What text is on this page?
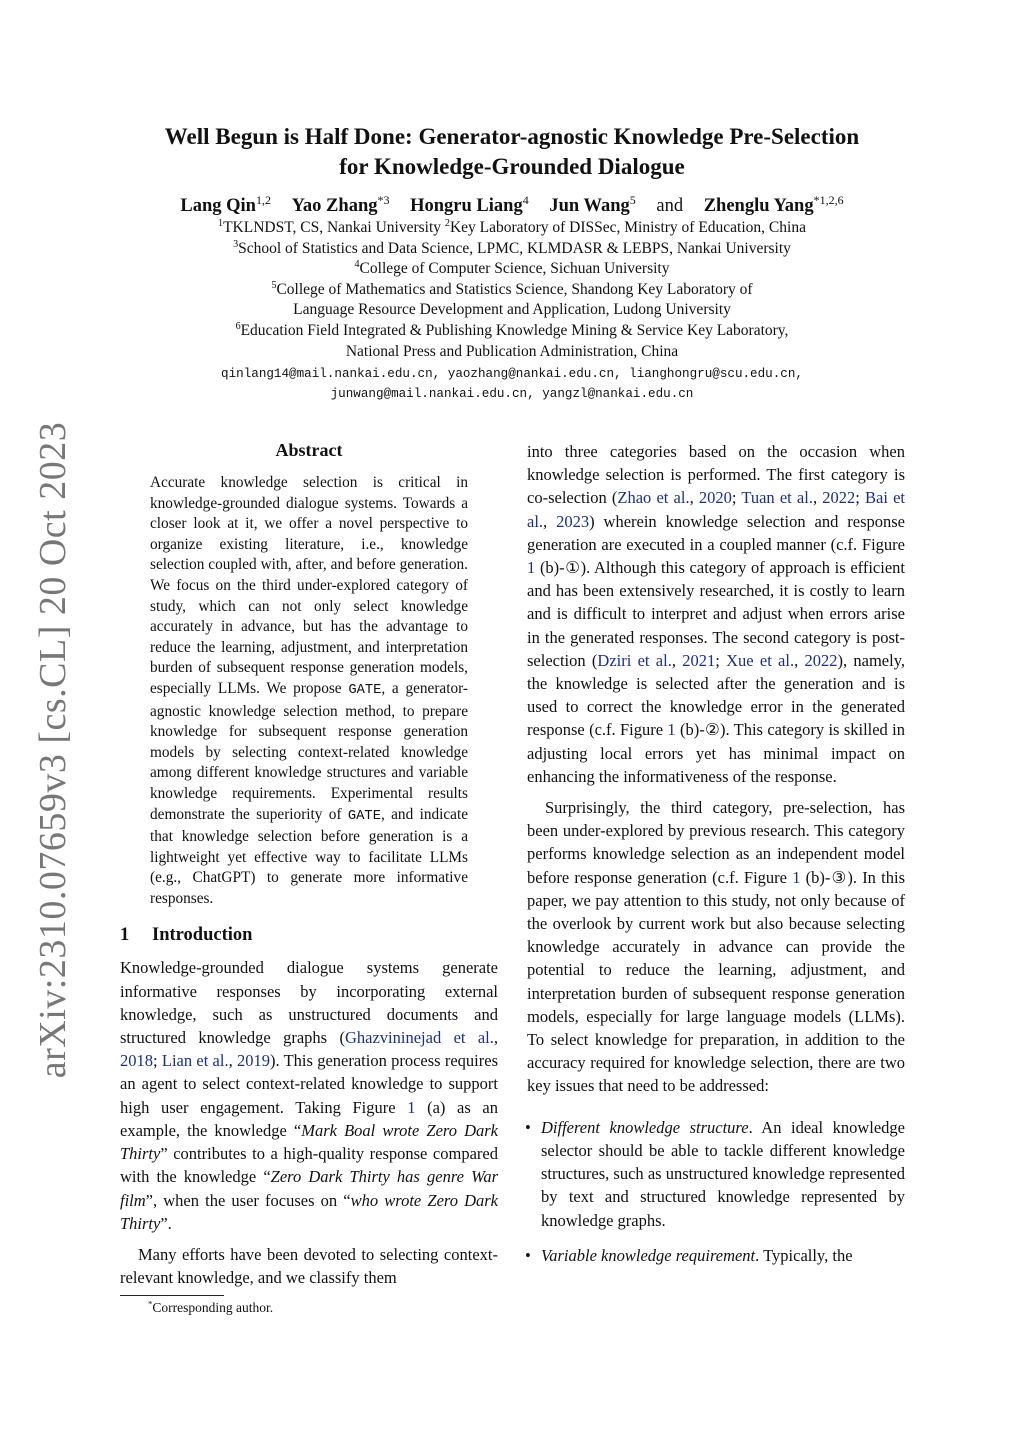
arXiv:2310.07659v3 [cs.CL] 20 Oct 2023
Well Begun is Half Done: Generator-agnostic Knowledge Pre-Selection
for Knowledge-Grounded Dialogue
Lang Qin$^{1,2}$ Yao Zhang$^{*3}$ Hongru Liang$^4$ Jun Wang$^5$ and Zhenglu Yang$^{*1,2,6}$
$^1$TKLNDST, CS, Nankai University $^2$Key Laboratory of DISSec, Ministry of Education, China
$^3$School of Statistics and Data Science, LPMC, KLMDASR & LEBPS, Nankai University
$^4$College of Computer Science, Sichuan University
$^5$College of Mathematics and Statistics Science, Shandong Key Laboratory of
Language Resource Development and Application, Ludong University
$^6$Education Field Integrated & Publishing Knowledge Mining & Service Key Laboratory,
National Press and Publication Administration, China
qinlang14@mail.nankai.edu.cn, yaozhang@nankai.edu.cn, lianghongru@scu.edu.cn,
junwang@mail.nankai.edu.cn, yangzl@nankai.edu.cn
Abstract

Accurate knowledge selection is critical in knowledge-grounded dialogue systems. Towards a closer look at it, we offer a novel perspective to organize existing literature, i.e., knowledge selection coupled with, after, and before generation. We focus on the third under-explored category of study, which can not only select knowledge accurately in advance, but has the advantage to reduce the learning, adjustment, and interpretation burden of subsequent response generation models, especially LLMs. We propose GATE, a generator-agnostic knowledge selection method, to prepare knowledge for subsequent response generation models by selecting context-related knowledge among different knowledge structures and variable knowledge requirements. Experimental results demonstrate the superiority of GATE, and indicate that knowledge selection before generation is a lightweight yet effective way to facilitate LLMs (e.g., ChatGPT) to generate more informative responses.

1 Introduction

Knowledge-grounded dialogue systems generate informative responses by incorporating external knowledge, such as unstructured documents and structured knowledge graphs (Ghazvininejad et al., 2018; Lian et al., 2019). This generation process requires an agent to select context-related knowledge to support high user engagement. Taking Figure 1 (a) as an example, the knowledge “Mark Boal wrote Zero Dark Thirty” contributes to a high-quality response compared with the knowledge “Zero Dark Thirty has genre War film”, when the user focuses on “who wrote Zero Dark Thirty”.

Many efforts have been devoted to selecting context-relevant knowledge, and we classify them

*Corresponding author.

into three categories based on the occasion when knowledge selection is performed. The first category is co-selection (Zhao et al., 2020; Tuan et al., 2022; Bai et al., 2023) wherein knowledge selection and response generation are executed in a coupled manner (c.f. Figure 1 (b)-①). Although this category of approach is efficient and has been extensively researched, it is costly to learn and is difficult to interpret and adjust when errors arise in the generated responses. The second category is post-selection (Dziri et al., 2021; Xue et al., 2022), namely, the knowledge is selected after the generation and is used to correct the knowledge error in the generated response (c.f. Figure 1 (b)-②). This category is skilled in adjusting local errors yet has minimal impact on enhancing the informativeness of the response.

Surprisingly, the third category, pre-selection, has been under-explored by previous research. This category performs knowledge selection as an independent model before response generation (c.f. Figure 1 (b)-③). In this paper, we pay attention to this study, not only because of the overlook by current work but also because selecting knowledge accurately in advance can provide the potential to reduce the learning, adjustment, and interpretation burden of subsequent response generation models, especially for large language models (LLMs). To select knowledge for preparation, in addition to the accuracy required for knowledge selection, there are two key issues that need to be addressed:

• Different knowledge structure. An ideal knowledge selector should be able to tackle different knowledge structures, such as unstructured knowledge represented by text and structured knowledge represented by knowledge graphs.
• Variable knowledge requirement. Typically, the
